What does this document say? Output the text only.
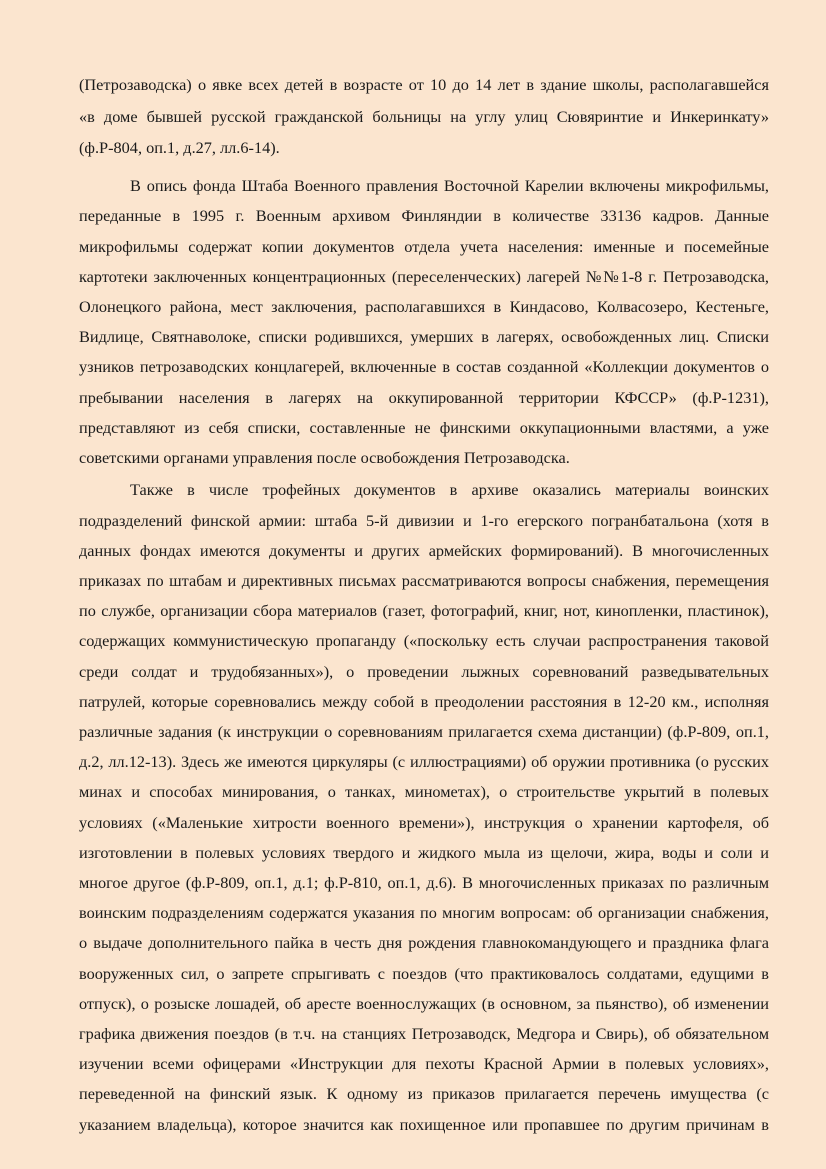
(Петрозаводска) о явке всех детей в возрасте от 10 до 14 лет в здание школы, располагавшейся
«в доме бывшей русской гражданской больницы на углу улиц Сювяринтие и Инкеринкату»
(ф.Р-804, оп.1, д.27, лл.6-14).
В опись фонда Штаба Военного правления Восточной Карелии включены микрофильмы,
переданные в 1995 г. Военным архивом Финляндии в количестве 33136 кадров. Данные
микрофильмы содержат копии документов отдела учета населения: именные и посемейные
картотеки заключенных концентрационных (переселенческих) лагерей №№1-8 г. Петрозаводска,
Олонецкого района, мест заключения, располагавшихся в Киндасово, Колвасозеро, Кестеньге,
Видлице, Святнаволоке, списки родившихся, умерших в лагерях, освобожденных лиц. Списки
узников петрозаводских концлагерей, включенные в состав созданной «Коллекции документов о
пребывании населения в лагерях на оккупированной территории КФССР» (ф.Р-1231),
представляют из себя списки, составленные не финскими оккупационными властями, а уже
советскими органами управления после освобождения Петрозаводска.
Также в числе трофейных документов в архиве оказались материалы воинских
подразделений финской армии: штаба 5-й дивизии и 1-го егерского погранбатальона (хотя в
данных фондах имеются документы и других армейских формирований). В многочисленных
приказах по штабам и директивных письмах рассматриваются вопросы снабжения, перемещения
по службе, организации сбора материалов (газет, фотографий, книг, нот, кинопленки, пластинок),
содержащих коммунистическую пропаганду («поскольку есть случаи распространения таковой
среди солдат и трудобязанных»), о проведении лыжных соревнований разведывательных
патрулей, которые соревновались между собой в преодолении расстояния в 12-20 км., исполняя
различные задания (к инструкции о соревнованиям прилагается схема дистанции) (ф.Р-809, оп.1,
д.2, лл.12-13). Здесь же имеются циркуляры (с иллюстрациями) об оружии противника (о русских
минах и способах минирования, о танках, минометах), о строительстве укрытий в полевых
условиях («Маленькие хитрости военного времени»), инструкция о хранении картофеля, об
изготовлении в полевых условиях твердого и жидкого мыла из щелочи, жира, воды и соли и
многое другое (ф.Р-809, оп.1, д.1; ф.Р-810, оп.1, д.6). В многочисленных приказах по различным
воинским подразделениям содержатся указания по многим вопросам: об организации снабжения,
о выдаче дополнительного пайка в честь дня рождения главнокомандующего и праздника флага
вооруженных сил, о запрете спрыгивать с поездов (что практиковалось солдатами, едущими в
отпуск), о розыске лошадей, об аресте военнослужащих (в основном, за пьянство), об изменении
графика движения поездов (в т.ч. на станциях Петрозаводск, Медгора и Свирь), об обязательном
изучении всеми офицерами «Инструкции для пехоты Красной Армии в полевых условиях»,
переведенной на финский язык. К одному из приказов прилагается перечень имущества (с
указанием владельца), которое значится как похищенное или пропавшее по другим причинам в
